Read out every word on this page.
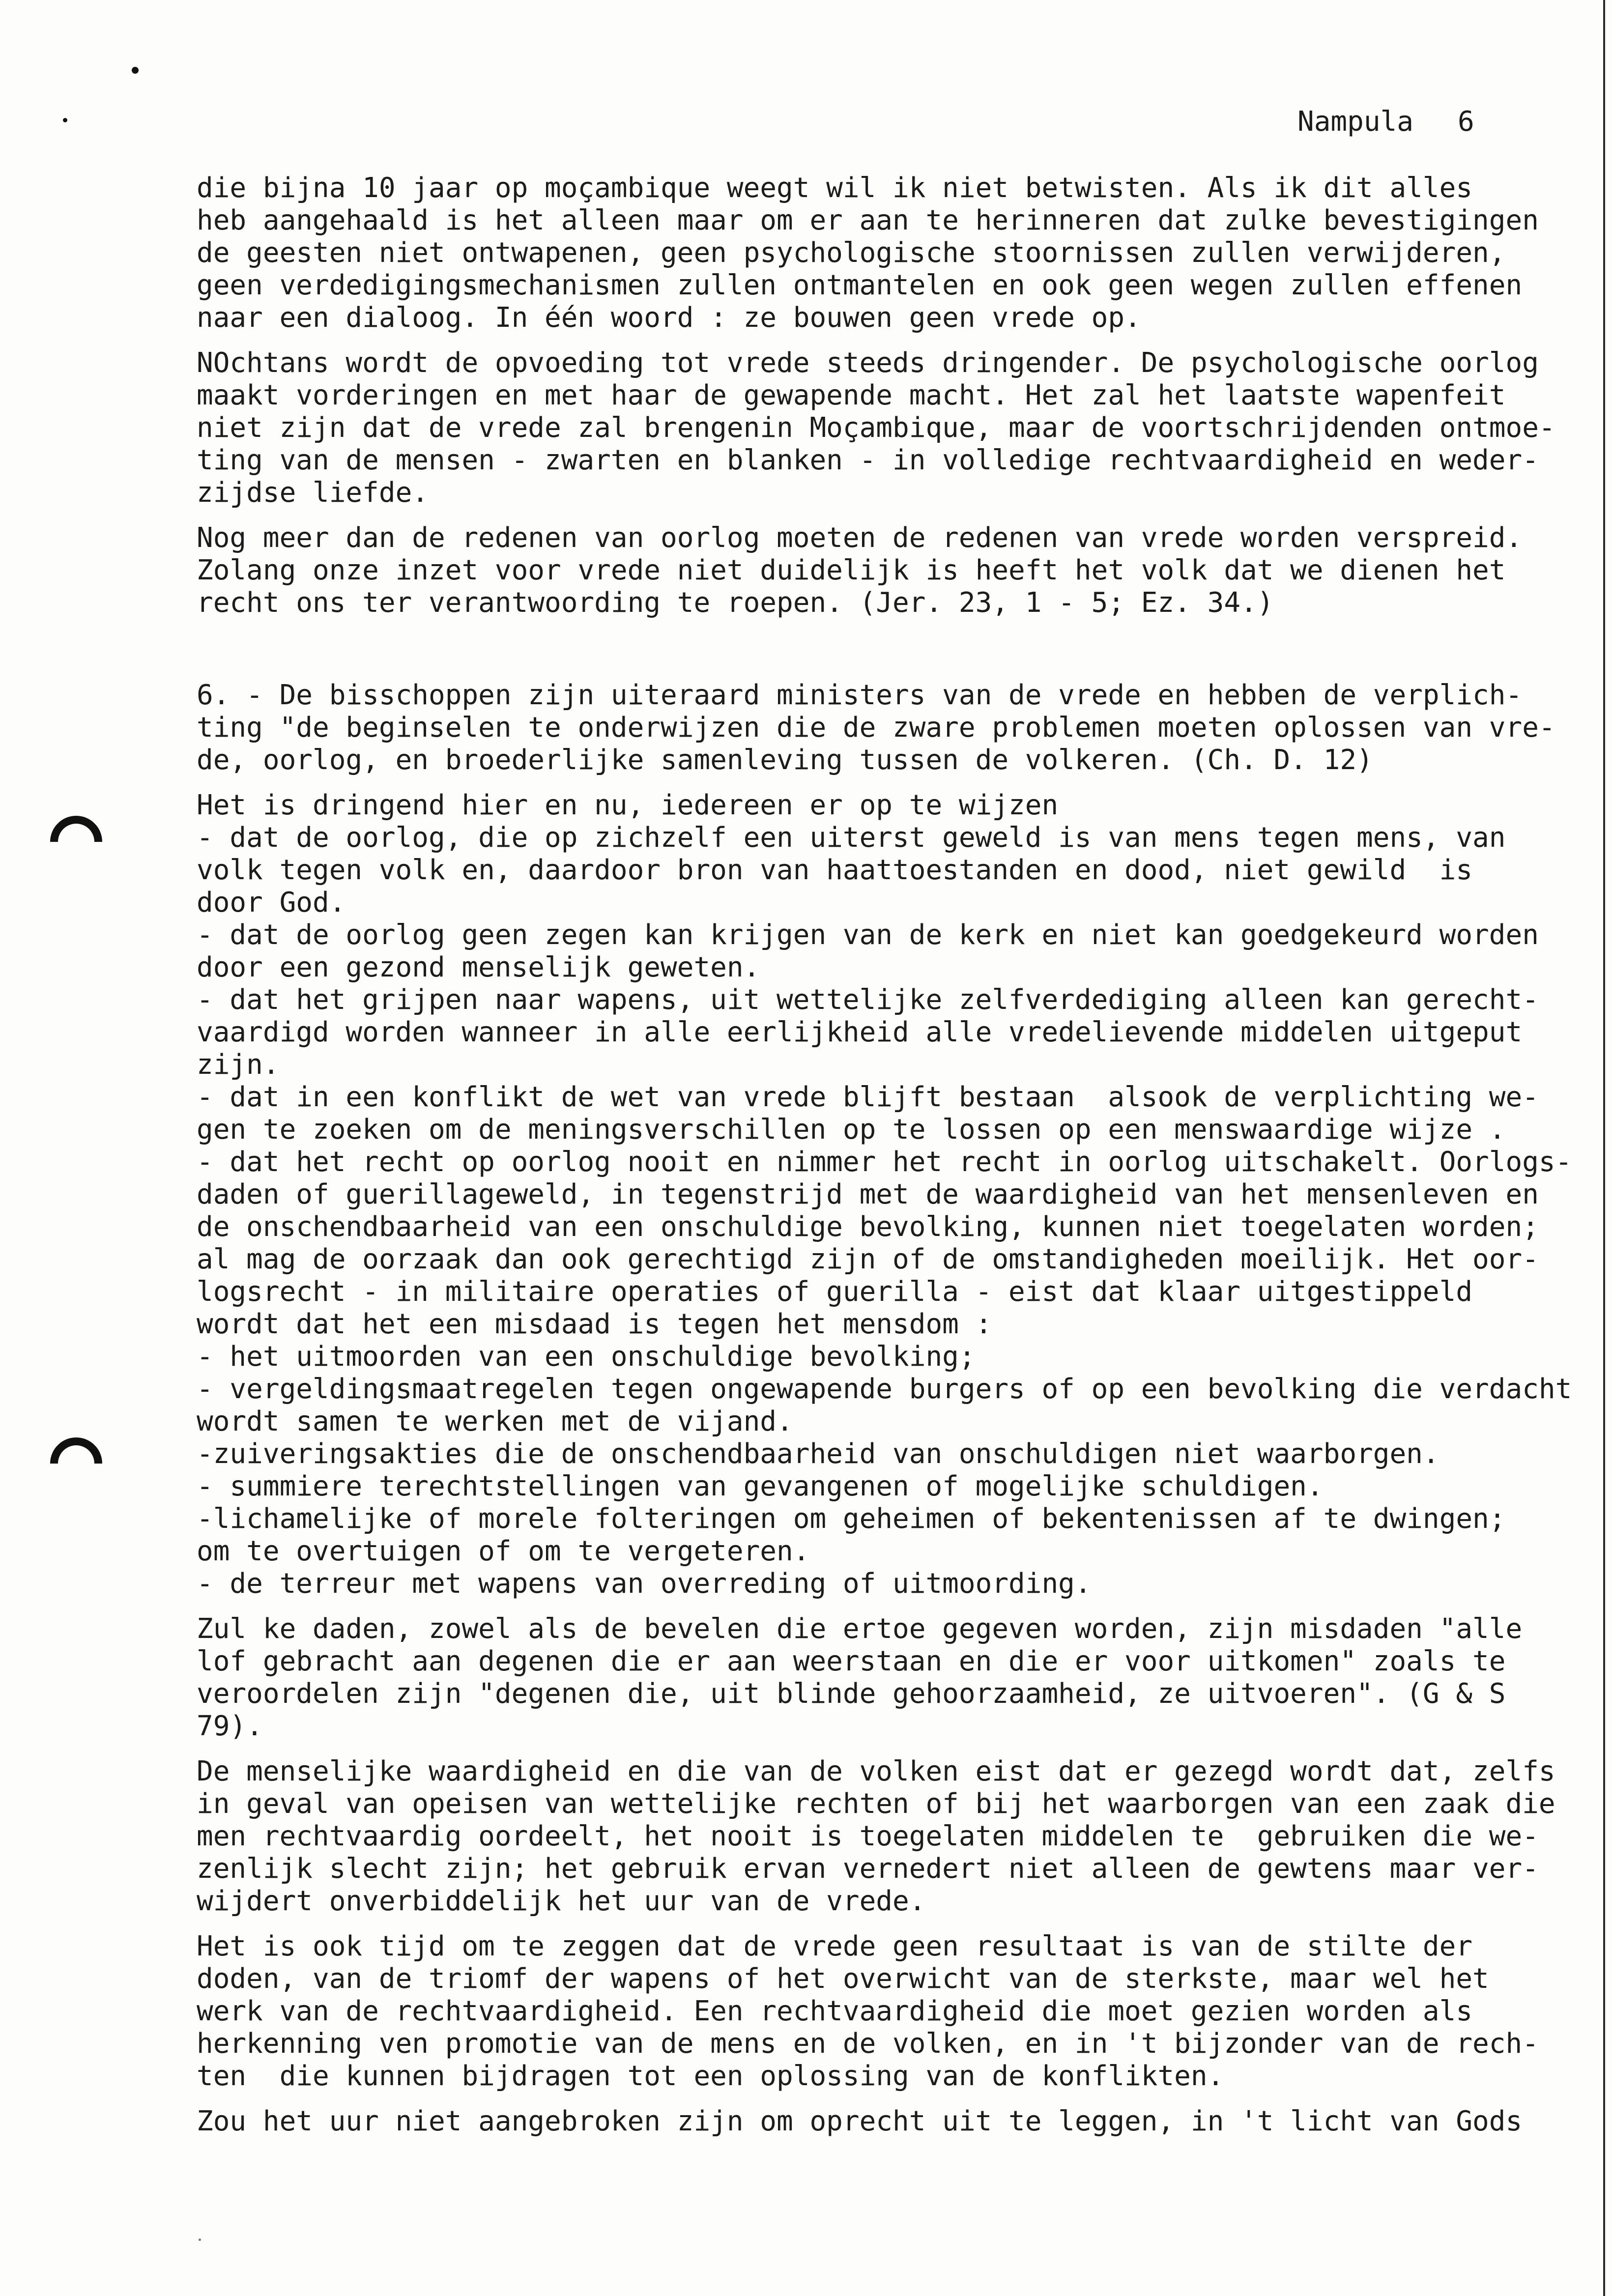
Nampula 6
die bijna 10 jaar op moçambique weegt wil ik niet betwisten. Als ik dit alles
heb aangehaald is het alleen maar om er aan te herinneren dat zulke bevestigingen
de geesten niet ontwapenen, geen psychologische stoornissen zullen verwijderen,
geen verdedigingsmechanismen zullen ontmantelen en ook geen wegen zullen effenen
naar een dialoog. In één woord : ze bouwen geen vrede op.
NOchtans wordt de opvoeding tot vrede steeds dringender. De psychologische oorlog
maakt vorderingen en met haar de gewapende macht. Het zal het laatste wapenfeit
niet zijn dat de vrede zal brengenin Moçambique, maar de voortschrijdenden ontmoe-
ting van de mensen - zwarten en blanken - in volledige rechtvaardigheid en weder-
zijdse liefde.
Nog meer dan de redenen van oorlog moeten de redenen van vrede worden verspreid.
Zolang onze inzet voor vrede niet duidelijk is heeft het volk dat we dienen het
recht ons ter verantwoording te roepen. (Jer. 23, 1 - 5; Ez. 34.)
6. - De bisschoppen zijn uiteraard ministers van de vrede en hebben de verplich-
ting "de beginselen te onderwijzen die de zware problemen moeten oplossen van vre-
de, oorlog, en broederlijke samenleving tussen de volkeren. (Ch. D. 12)
Het is dringend hier en nu, iedereen er op te wijzen
- dat de oorlog, die op zichzelf een uiterst geweld is van mens tegen mens, van
volk tegen volk en, daardoor bron van haattoestanden en dood, niet gewild  is
door God.
- dat de oorlog geen zegen kan krijgen van de kerk en niet kan goedgekeurd worden
door een gezond menselijk geweten.
- dat het grijpen naar wapens, uit wettelijke zelfverdediging alleen kan gerecht-
vaardigd worden wanneer in alle eerlijkheid alle vredelievende middelen uitgeput
zijn.
- dat in een konflikt de wet van vrede blijft bestaan  alsook de verplichting we-
gen te zoeken om de meningsverschillen op te lossen op een menswaardige wijze .
- dat het recht op oorlog nooit en nimmer het recht in oorlog uitschakelt. Oorlogs-
daden of guerillageweld, in tegenstrijd met de waardigheid van het mensenleven en
de onschendbaarheid van een onschuldige bevolking, kunnen niet toegelaten worden;
al mag de oorzaak dan ook gerechtigd zijn of de omstandigheden moeilijk. Het oor-
logsrecht - in militaire operaties of guerilla - eist dat klaar uitgestippeld
wordt dat het een misdaad is tegen het mensdom :
- het uitmoorden van een onschuldige bevolking;
- vergeldingsmaatregelen tegen ongewapende burgers of op een bevolking die verdacht
wordt samen te werken met de vijand.
-zuiveringsakties die de onschendbaarheid van onschuldigen niet waarborgen.
- summiere terechtstellingen van gevangenen of mogelijke schuldigen.
-lichamelijke of morele folteringen om geheimen of bekentenissen af te dwingen;
om te overtuigen of om te vergeteren.
- de terreur met wapens van overreding of uitmoording.
Zul ke daden, zowel als de bevelen die ertoe gegeven worden, zijn misdaden "alle
lof gebracht aan degenen die er aan weerstaan en die er voor uitkomen" zoals te
veroordelen zijn "degenen die, uit blinde gehoorzaamheid, ze uitvoeren". (G & S
79).
De menselijke waardigheid en die van de volken eist dat er gezegd wordt dat, zelfs
in geval van opeisen van wettelijke rechten of bij het waarborgen van een zaak die
men rechtvaardig oordeelt, het nooit is toegelaten middelen te  gebruiken die we-
zenlijk slecht zijn; het gebruik ervan vernedert niet alleen de gewtens maar ver-
wijdert onverbiddelijk het uur van de vrede.
Het is ook tijd om te zeggen dat de vrede geen resultaat is van de stilte der
doden, van de triomf der wapens of het overwicht van de sterkste, maar wel het
werk van de rechtvaardigheid. Een rechtvaardigheid die moet gezien worden als
herkenning ven promotie van de mens en de volken, en in 't bijzonder van de rech-
ten  die kunnen bijdragen tot een oplossing van de konflikten.
Zou het uur niet aangebroken zijn om oprecht uit te leggen, in 't licht van Gods
